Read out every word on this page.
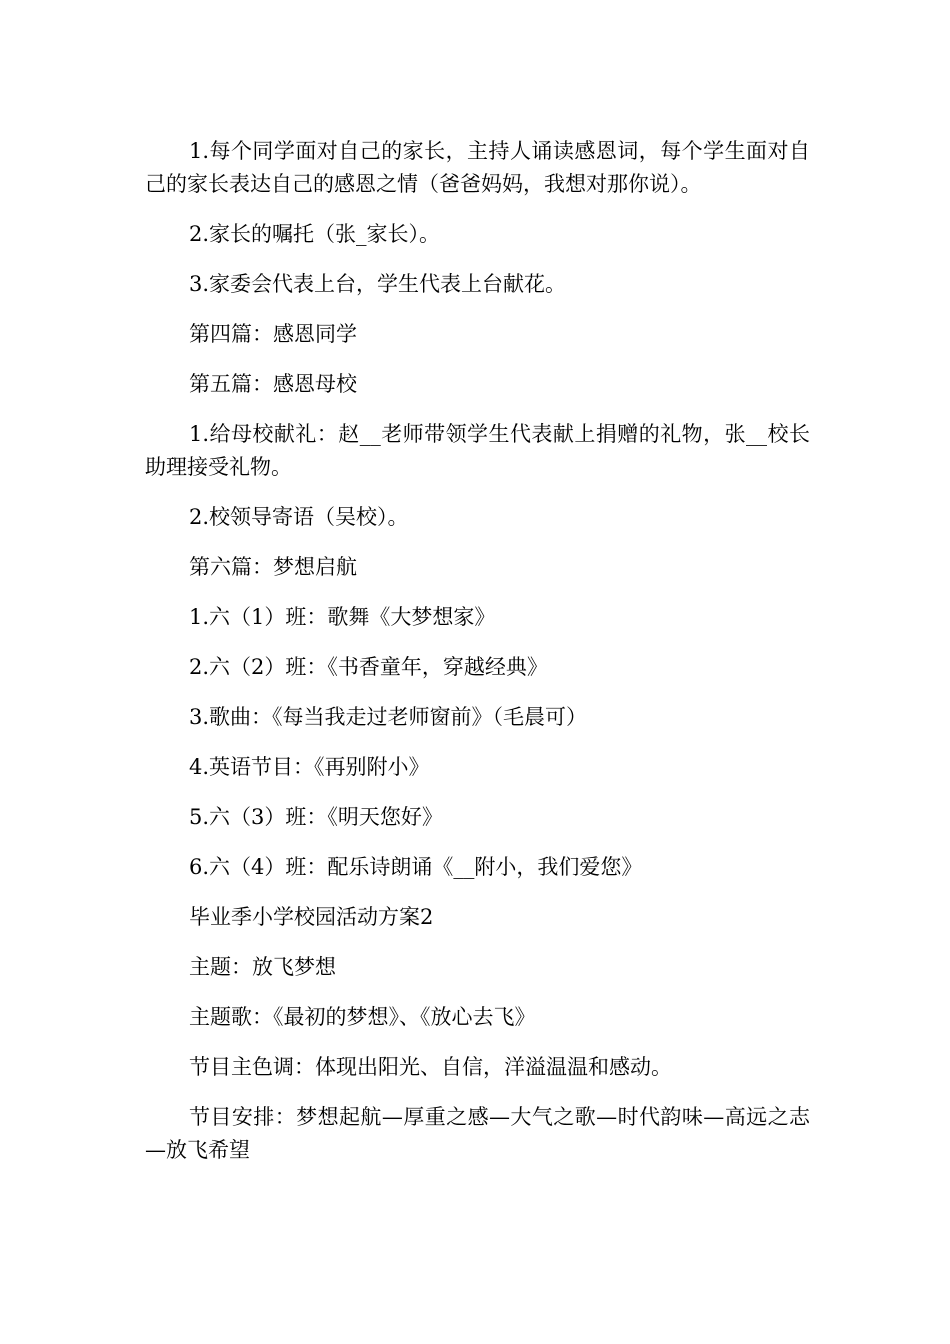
1.每个同学面对自己的家长，主持人诵读感恩词，每个学生面对自己的家长表达自己的感恩之情（爸爸妈妈，我想对那你说）。

2.家长的嘱托（张_家长）。

3.家委会代表上台，学生代表上台献花。

第四篇：感恩同学

第五篇：感恩母校

1.给母校献礼：赵__老师带领学生代表献上捐赠的礼物，张__校长助理接受礼物。

2.校领导寄语（吴校）。

第六篇：梦想启航

1.六（1）班：歌舞《大梦想家》

2.六（2）班：《书香童年，穿越经典》

3.歌曲：《每当我走过老师窗前》（毛晨可）

4.英语节目：《再别附小》

5.六（3）班：《明天您好》

6.六（4）班：配乐诗朗诵《__附小，我们爱您》

毕业季小学校园活动方案2

主题：放飞梦想

主题歌：《最初的梦想》、《放心去飞》

节目主色调：体现出阳光、自信，洋溢温温和感动。

节目安排：梦想起航—厚重之感—大气之歌—时代韵味—高远之志—放飞希望
